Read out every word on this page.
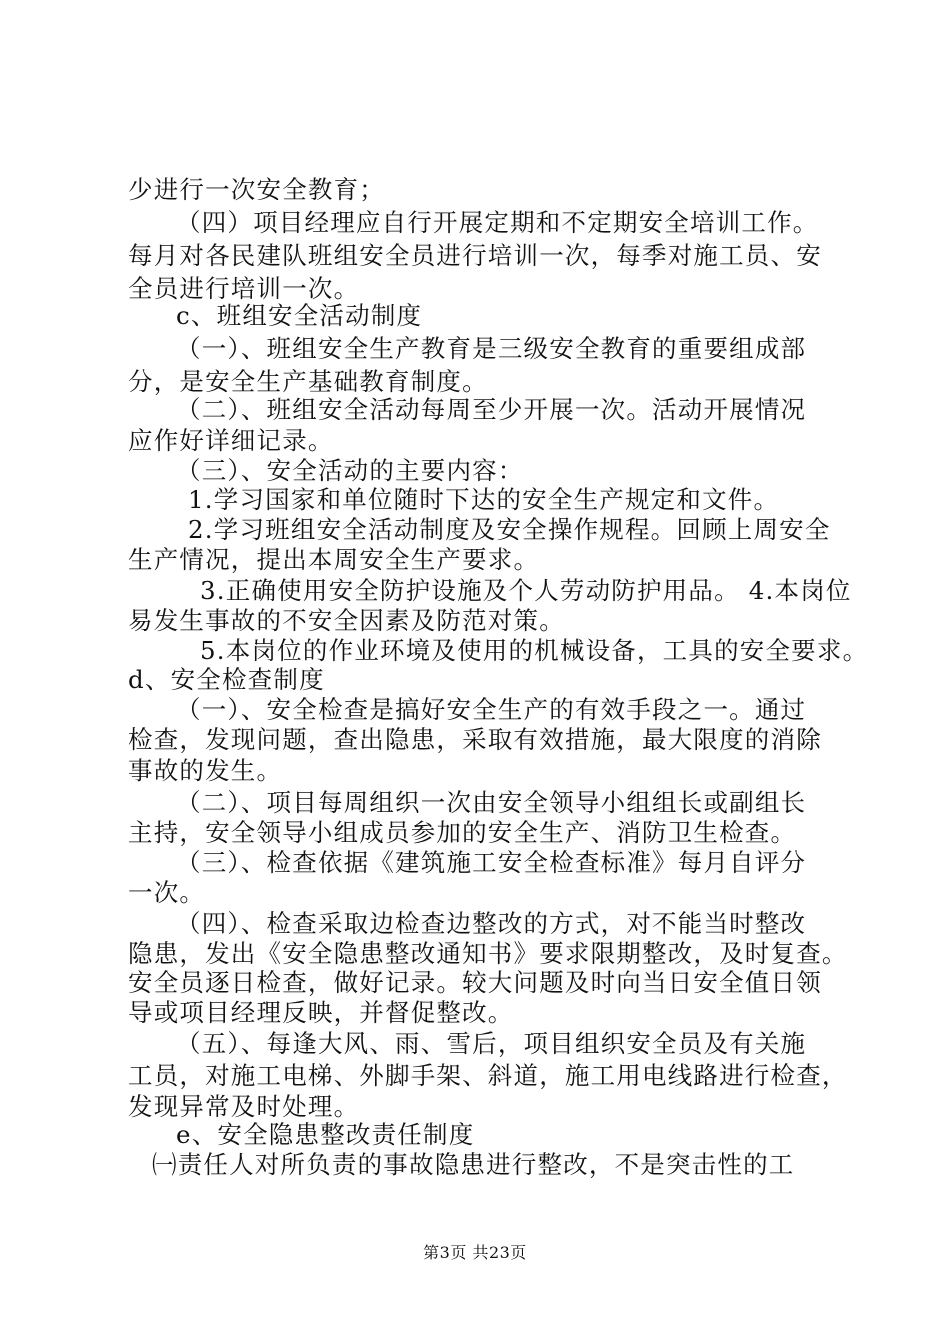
少进行一次安全教育；
（四）项目经理应自行开展定期和不定期安全培训工作。
每月对各民建队班组安全员进行培训一次，每季对施工员、安
全员进行培训一次。
c、班组安全活动制度
（一）、班组安全生产教育是三级安全教育的重要组成部
分，是安全生产基础教育制度。
（二）、班组安全活动每周至少开展一次。活动开展情况
应作好详细记录。
（三）、安全活动的主要内容：
1.学习国家和单位随时下达的安全生产规定和文件。
2.学习班组安全活动制度及安全操作规程。回顾上周安全
生产情况，提出本周安全生产要求。
3.正确使用安全防护设施及个人劳动防护用品。 4.本岗位
易发生事故的不安全因素及防范对策。
5.本岗位的作业环境及使用的机械设备，工具的安全要求。
d、安全检查制度
（一）、安全检查是搞好安全生产的有效手段之一。通过
检查，发现问题，查出隐患，采取有效措施，最大限度的消除
事故的发生。
（二）、项目每周组织一次由安全领导小组组长或副组长
主持，安全领导小组成员参加的安全生产、消防卫生检查。
（三）、检查依据《建筑施工安全检查标准》每月自评分
一次。
（四）、检查采取边检查边整改的方式，对不能当时整改
隐患，发出《安全隐患整改通知书》要求限期整改，及时复查。
安全员逐日检查，做好记录。较大问题及时向当日安全值日领
导或项目经理反映，并督促整改。
（五）、每逢大风、雨、雪后，项目组织安全员及有关施
工员，对施工电梯、外脚手架、斜道，施工用电线路进行检查，
发现异常及时处理。
e、安全隐患整改责任制度
㈠责任人对所负责的事故隐患进行整改，不是突击性的工
第3页 共23页
